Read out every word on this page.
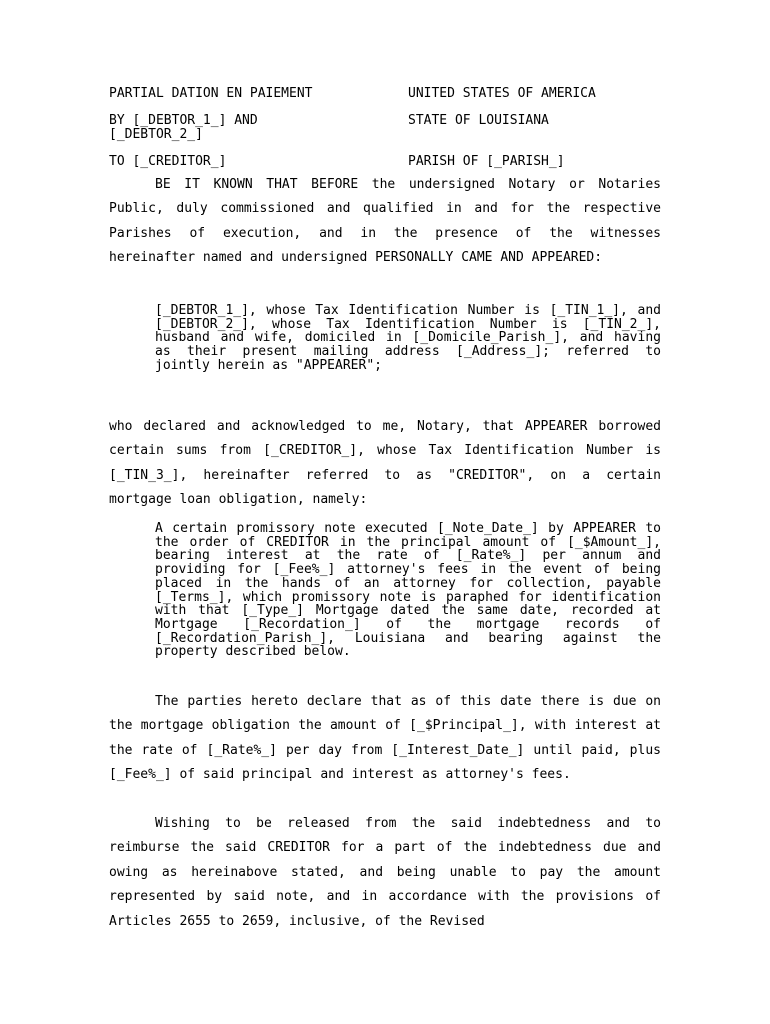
PARTIAL DATION EN PAIEMENT	UNITED STATES OF AMERICA
BY [_DEBTOR_1_] AND
[_DEBTOR_2_]
STATE OF LOUISIANA
TO [_CREDITOR_]	PARISH OF [_PARISH_]

BE IT KNOWN THAT BEFORE the undersigned Notary or Notaries Public, duly commissioned and qualified in and for the respective Parishes of execution, and in the presence of the witnesses hereinafter named and undersigned PERSONALLY CAME AND APPEARED:

[_DEBTOR_1_], whose Tax Identification Number is [_TIN_1_], and [_DEBTOR_2_], whose Tax Identification Number is [_TIN_2_], husband and wife, domiciled in [_Domicile_Parish_], and having as their present mailing address [_Address_]; referred to jointly herein as "APPEARER";

who declared and acknowledged to me, Notary, that APPEARER borrowed certain sums from [_CREDITOR_], whose Tax Identification Number is [_TIN_3_], hereinafter referred to as "CREDITOR", on a certain mortgage loan obligation, namely:

A certain promissory note executed [_Note_Date_] by APPEARER to the order of CREDITOR in the principal amount of [_$Amount_], bearing interest at the rate of [_Rate%_] per annum and providing for [_Fee%_] attorney's fees in the event of being placed in the hands of an attorney for collection, payable [_Terms_], which promissory note is paraphed for identification with that [_Type_] Mortgage dated the same date, recorded at Mortgage [_Recordation_] of the mortgage records of [_Recordation_Parish_], Louisiana and bearing against the property described below.

The parties hereto declare that as of this date there is due on the mortgage obligation the amount of [_$Principal_], with interest at the rate of [_Rate%_] per day from [_Interest_Date_] until paid, plus [_Fee%_] of said principal and interest as attorney's fees.

Wishing to be released from the said indebtedness and to reimburse the said CREDITOR for a part of the indebtedness due and owing as hereinabove stated, and being unable to pay the amount represented by said note, and in accordance with the provisions of Articles 2655 to 2659, inclusive, of the Revised
